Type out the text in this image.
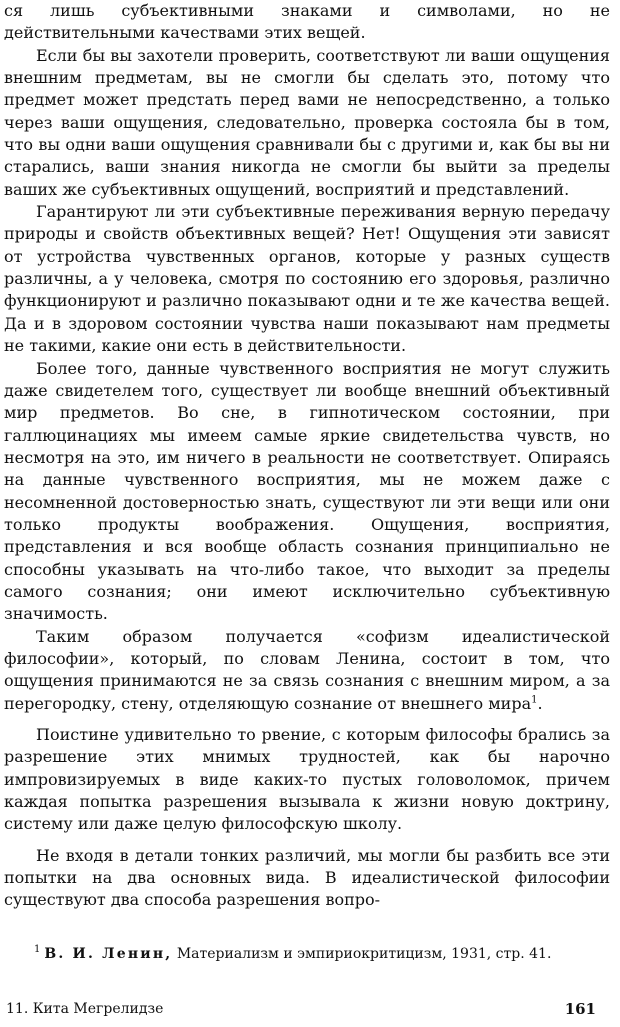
ся лишь субъективными знаками и символами, но не действительными качествами этих вещей.

Если бы вы захотели проверить, соответствуют ли ваши ощущения внешним предметам, вы не смогли бы сделать это, потому что предмет может предстать перед вами не непосредственно, а только через ваши ощущения, следовательно, проверка состояла бы в том, что вы одни ваши ощущения сравнивали бы с другими и, как бы вы ни старались, ваши знания никогда не смогли бы выйти за пределы ваших же субъективных ощущений, восприятий и представлений.

Гарантируют ли эти субъективные переживания верную передачу природы и свойств объективных вещей? Нет! Ощущения эти зависят от устройства чувственных органов, которые у разных существ различны, а у человека, смотря по состоянию его здоровья, различно функционируют и различно показывают одни и те же качества вещей. Да и в здоровом состоянии чувства наши показывают нам предметы не такими, какие они есть в действительности.

Более того, данные чувственного восприятия не могут служить даже свидетелем того, существует ли вообще внешний объективный мир предметов. Во сне, в гипнотическом состоянии, при галлюцинациях мы имеем самые яркие свидетельства чувств, но несмотря на это, им ничего в реальности не соответствует. Опираясь на данные чувственного восприятия, мы не можем даже с несомненной достоверностью знать, существуют ли эти вещи или они только продукты воображения. Ощущения, восприятия, представления и вся вообще область сознания принципиально не способны указывать на что-либо такое, что выходит за пределы самого сознания; они имеют исключительно субъективную значимость.

Таким образом получается «софизм идеалистической философии», который, по словам Ленина, состоит в том, что ощущения принимаются не за связь сознания с внешним миром, а за перегородку, стену, отделяющую сознание от внешнего мира$^1$.

Поистине удивительно то рвение, с которым философы брались за разрешение этих мнимых трудностей, как бы нарочно импровизируемых в виде каких-то пустых головоломок, причем каждая попытка разрешения вызывала к жизни новую доктрину, систему или даже целую философскую школу.

Не входя в детали тонких различий, мы могли бы разбить все эти попытки на два основных вида. В идеалистической философии существуют два способа разрешения вопро-

$^1$ В. И. Ленин, Материализм и эмпириокритицизм, 1931, стр. 41.
11. Кита Мегрелидзе	161
